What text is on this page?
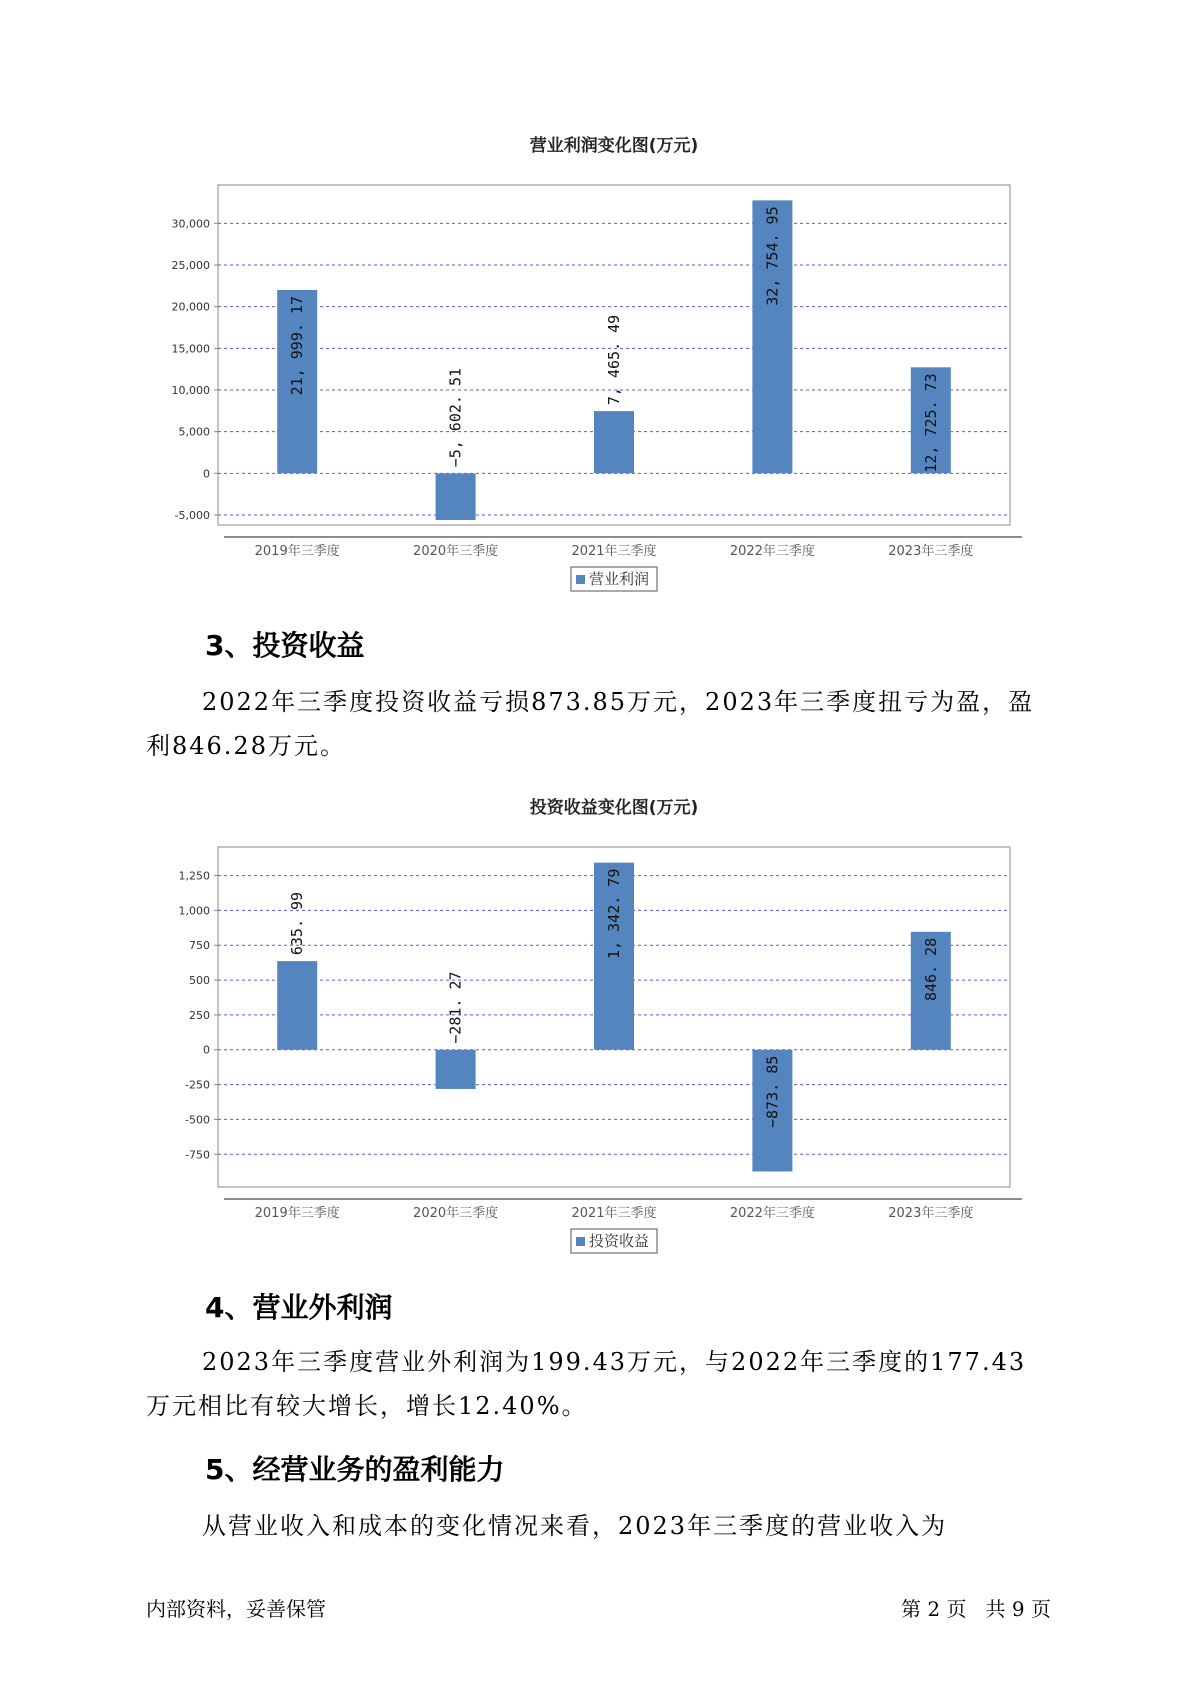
营业利润变化图(万元)
-5,000
0
5,000
10,000
15,000
20,000
25,000
30,000
21, 999. 17
2019年三季度
−5, 602. 51
2020年三季度
7, 465. 49
2021年三季度
32, 754. 95
2022年三季度
12, 725. 73
2023年三季度
营业利润
3、投资收益

2022年三季度投资收益亏损873.85万元，2023年三季度扭亏为盈，盈利846.28万元。

投资收益变化图(万元)
-750
-500
-250
0
250
500
750
1,000
1,250
635. 99
2019年三季度
−281. 27
2020年三季度
1, 342. 79
2021年三季度
−873. 85
2022年三季度
846. 28
2023年三季度
投资收益
4、营业外利润

2023年三季度营业外利润为199.43万元，与2022年三季度的177.43万元相比有较大增长，增长12.40%。

5、经营业务的盈利能力

从营业收入和成本的变化情况来看，2023年三季度的营业收入为

内部资料，妥善保管	第 2 页   共 9 页
